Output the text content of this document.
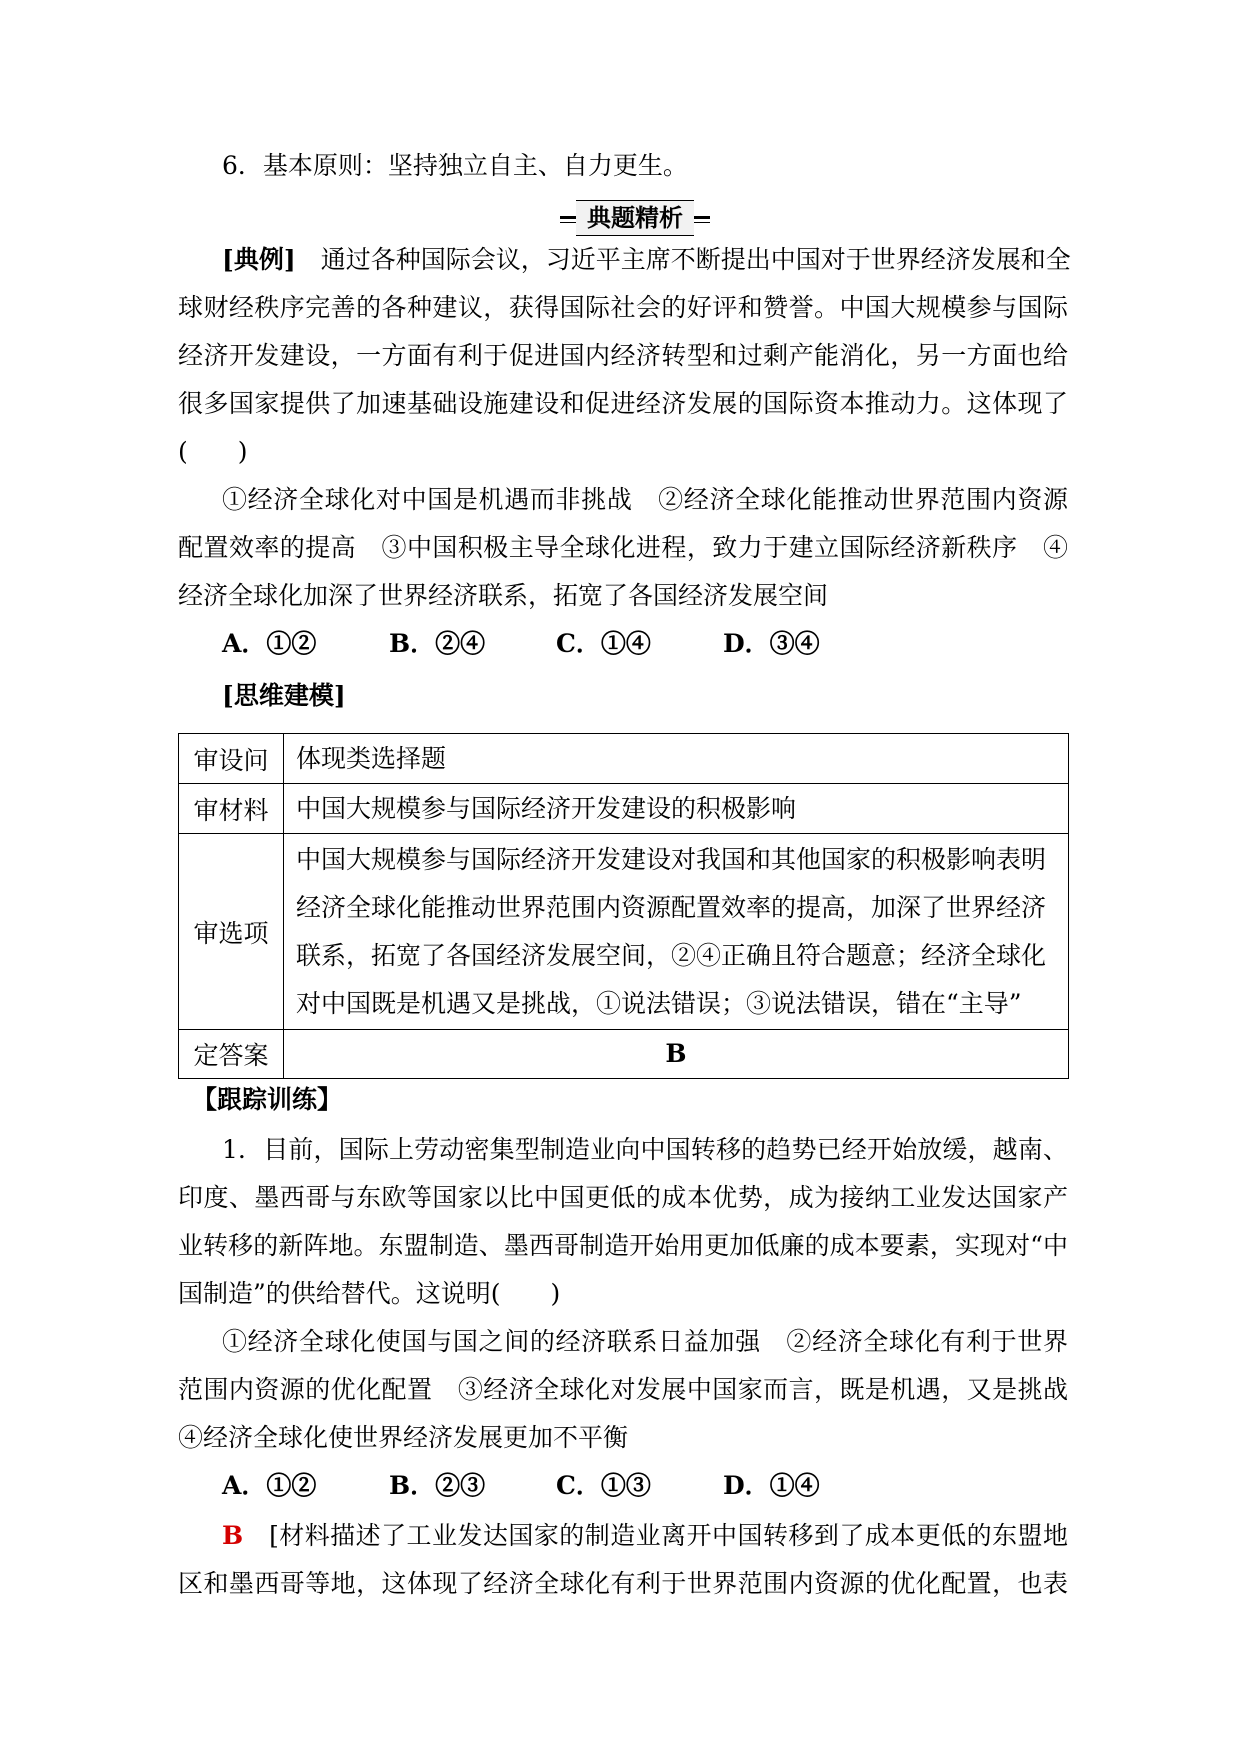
6．基本原则：坚持独立自主、自力更生。
典题精析
[典例]　 通过各种国际会议，习近平主席不断提出中国对于世界经济发展和全
球财经秩序完善的各种建议，获得国际社会的好评和赞誉。中国大规模参与国际
经济开发建设，一方面有利于促进国内经济转型和过剩产能消化，另一方面也给
很多国家提供了加速基础设施建设和促进经济发展的国际资本推动力。这体现了
(　　)
①经济全球化对中国是机遇而非挑战　②经济全球化能推动世界范围内资源
配置效率的提高　③中国积极主导全球化进程，致力于建立国际经济新秩序　④
经济全球化加深了世界经济联系，拓宽了各国经济发展空间
A．①②	B．②④	C．①④	D．③④
[思维建模]
审设问	体现类选择题
审材料	中国大规模参与国际经济开发建设的积极影响
审选项	中国大规模参与国际经济开发建设对我国和其他国家的积极影响表明
经济全球化能推动世界范围内资源配置效率的提高，加深了世界经济
联系，拓宽了各国经济发展空间，②④正确且符合题意；经济全球化
对中国既是机遇又是挑战，①说法错误；③说法错误，错在“主导”

定答案	B
【跟踪训练】
1．目前，国际上劳动密集型制造业向中国转移的趋势已经开始放缓，越南、
印度、墨西哥与东欧等国家以比中国更低的成本优势，成为接纳工业发达国家产
业转移的新阵地。东盟制造、墨西哥制造开始用更加低廉的成本要素，实现对“中
国制造”的供给替代。这说明(　　)
①经济全球化使国与国之间的经济联系日益加强　②经济全球化有利于世界
范围内资源的优化配置　③经济全球化对发展中国家而言，既是机遇，又是挑战
④经济全球化使世界经济发展更加不平衡
A．①②	B．②③	C．①③	D．①④
B　 [材料描述了工业发达国家的制造业离开中国转移到了成本更低的东盟地
区和墨西哥等地，这体现了经济全球化有利于世界范围内资源的优化配置，也表
